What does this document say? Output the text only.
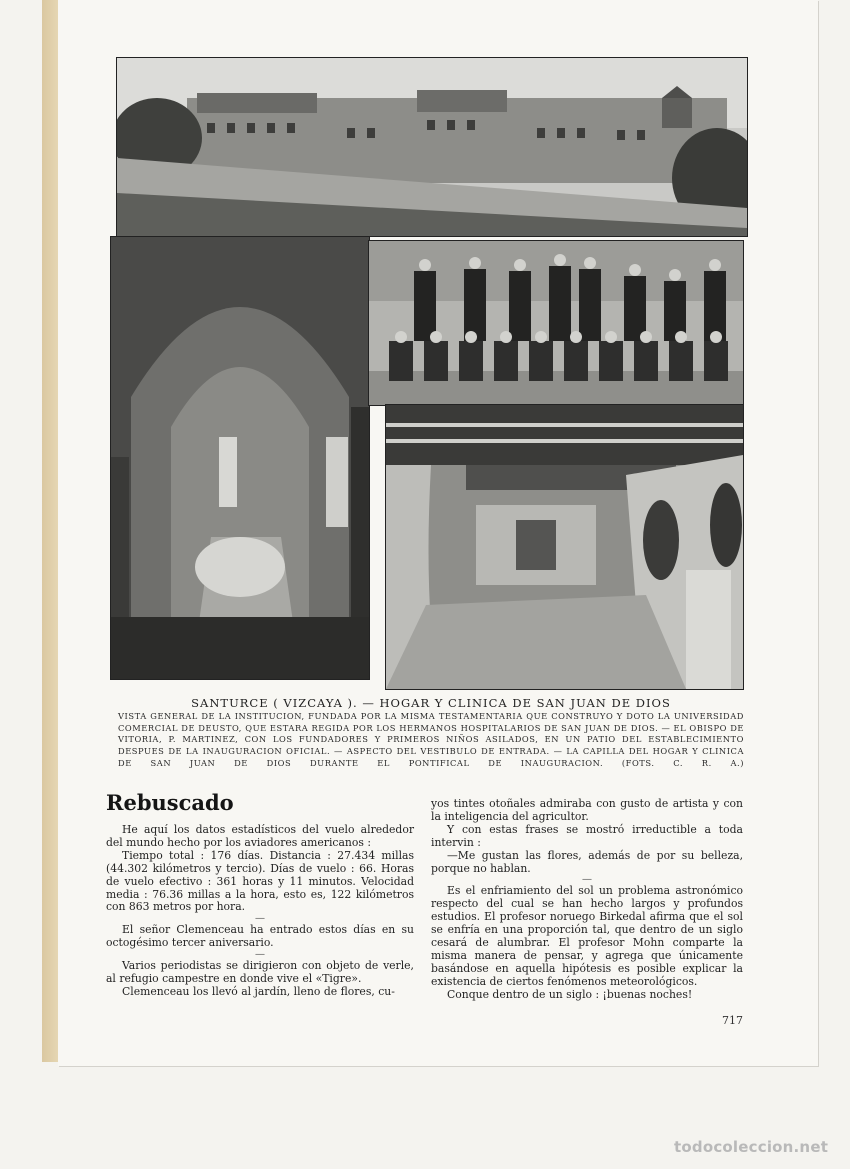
SANTURCE ( VIZCAYA ). — HOGAR Y CLINICA DE SAN JUAN DE DIOS
VISTA GENERAL DE LA INSTITUCION, FUNDADA POR LA MISMA TESTAMENTARIA QUE CONSTRUYO Y DOTO LA UNIVERSIDAD COMERCIAL DE DEUSTO, QUE ESTARA REGIDA POR LOS HERMANOS HOSPITALARIOS DE SAN JUAN DE DIOS. — EL OBISPO DE VITORIA, P. MARTINEZ, CON LOS FUNDADORES Y PRIMEROS NIÑOS ASILADOS, EN UN PATIO DEL ESTABLECIMIENTO DESPUES DE LA INAUGURACION OFICIAL. — ASPECTO DEL VESTIBULO DE ENTRADA. — LA CAPILLA DEL HOGAR Y CLINICA DE SAN JUAN DE DIOS DURANTE EL PONTIFICAL DE INAUGURACION. (FOTS. C. R. A.)
Rebuscado

He aquí los datos estadísticos del vuelo alrededor del mundo hecho por los aviadores americanos :

Tiempo total : 176 días. Distancia : 27.434 millas (44.302 kilómetros y tercio). Días de vuelo : 66. Horas de vuelo efectivo : 361 horas y 11 minutos. Velocidad media : 76.36 millas a la hora, esto es, 122 kilómetros con 863 metros por hora.

—

El señor Clemenceau ha entrado estos días en su octogésimo tercer aniversario.

—

Varios periodistas se dirigieron con objeto de verle, al refugio campestre en donde vive el «Tigre».

Clemenceau los llevó al jardín, lleno de flores, cu-

yos tintes otoñales admiraba con gusto de artista y con la inteligencia del agricultor.

Y con estas frases se mostró irreductible a toda intervin :

—Me gustan las flores, además de por su belleza, porque no hablan.

—

Es el enfriamiento del sol un problema astronómico respecto del cual se han hecho largos y profundos estudios. El profesor noruego Birkedal afirma que el sol se enfría en una proporción tal, que dentro de un siglo cesará de alumbrar. El profesor Mohn comparte la misma manera de pensar, y agrega que únicamente basándose en aquella hipótesis es posible explicar la existencia de ciertos fenómenos meteorológicos.

Conque dentro de un siglo : ¡buenas noches!

717
todocoleccion.net
